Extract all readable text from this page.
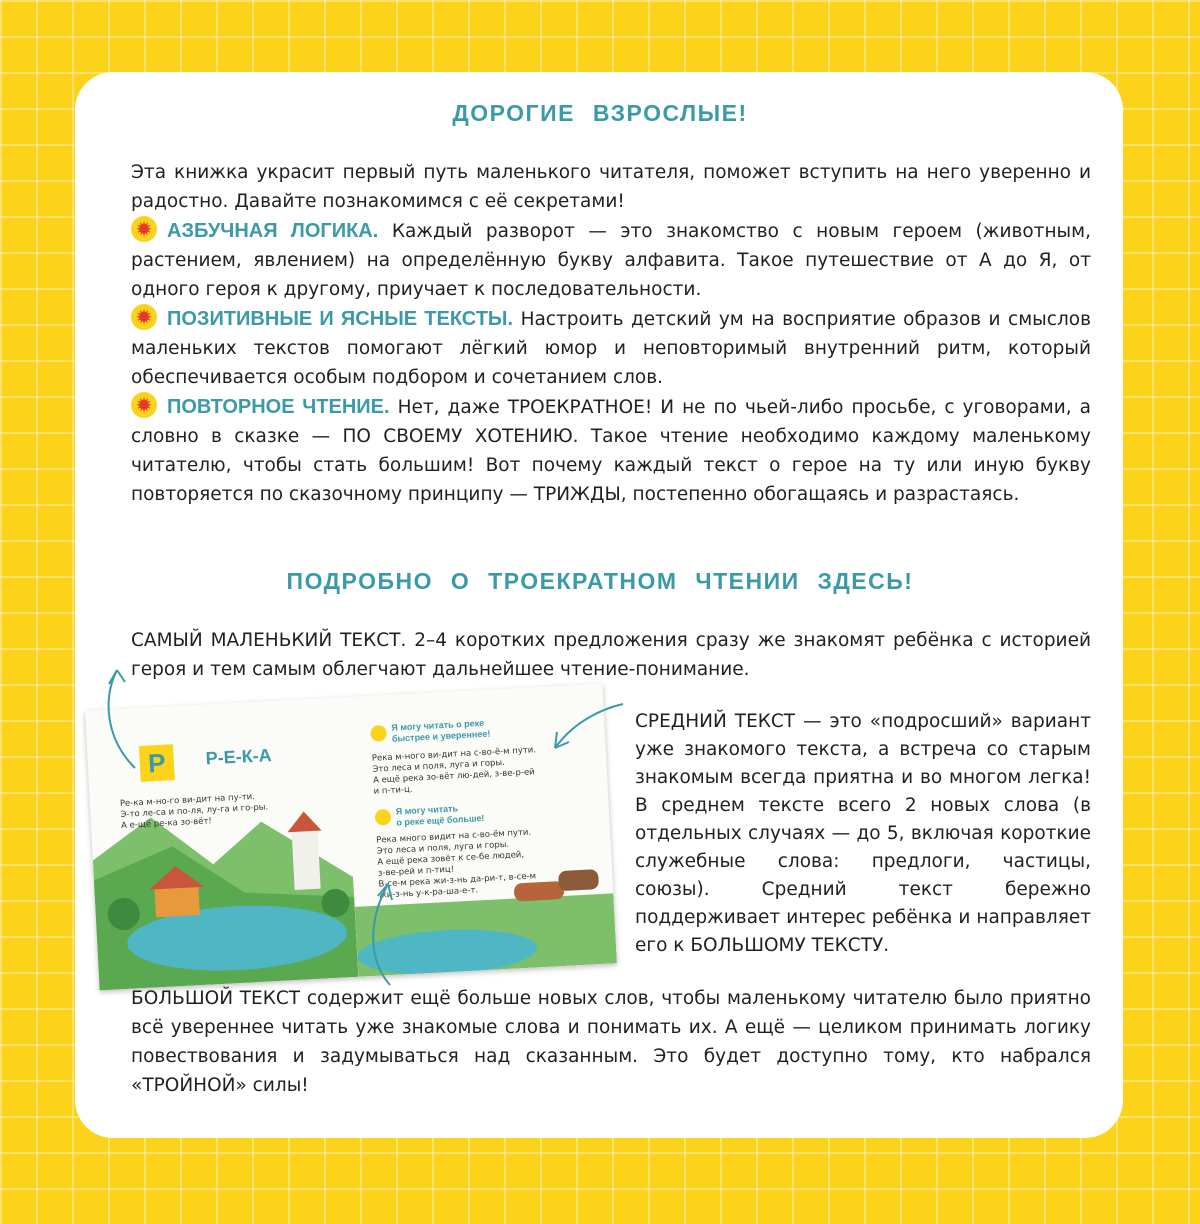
ДОРОГИЕ ВЗРОСЛЫЕ!

Эта книжка украсит первый путь маленького читателя, поможет вступить на него уверенно и радостно. Давайте познакомимся с её секретами!

✹АЗБУЧНАЯ ЛОГИКА. Каждый разворот — это знакомство с новым героем (животным, растением, явлением) на определённую букву алфавита. Такое путешествие от А до Я, от одного героя к другому, приучает к последовательности.

✹ПОЗИТИВНЫЕ И ЯСНЫЕ ТЕКСТЫ. Настроить детский ум на восприятие образов и смыслов маленьких текстов помогают лёгкий юмор и неповторимый внутренний ритм, который обеспечивается особым подбором и сочетанием слов.

✹ПОВТОРНОЕ ЧТЕНИЕ. Нет, даже ТРОЕКРАТНОЕ! И не по чьей-либо просьбе, с уговорами, а словно в сказке — ПО СВОЕМУ ХОТЕНИЮ. Такое чтение необходимо каждому маленькому читателю, чтобы стать большим! Вот почему каждый текст о герое на ту или иную букву повторяется по сказочному принципу — ТРИЖДЫ, постепенно обогащаясь и разрастаясь.

ПОДРОБНО О ТРОЕКРАТНОМ ЧТЕНИИ ЗДЕСЬ!
САМЫЙ МАЛЕНЬКИЙ ТЕКСТ. 2–4 коротких предложения сразу же знакомят ребёнка с историей героя и тем самым облегчают дальнейшее чтение-понимание.
Р	Р-Е-К-А
Ре-ка м-но-го ви-дит на пу-ти.
Э-то ле-са и по-ля, лу-га и го-ры.
А е-щё ре-ка зо-вёт!
Я могу читать о реке
быстрее и увереннее!
Река м-ного ви-дит на с-во-ё-м пути.
Это леса и поля, луга и горы.
А ещё река зо-вёт лю-дей, з-ве-р-ей
и п-ти-ц.
Я могу читать
о реке ещё больше!
Река много видит на с-во-ём пути.
Это леса и поля, луга и горы.
А ещё река зовёт к се-бе людей,
з-ве-рей и п-тиц!
В-се-м река жи-з-нь да-ри-т, в-се-м
жи-з-нь у-к-ра-ша-е-т.
СРЕДНИЙ ТЕКСТ — это «подросший» вариант уже знакомого текста, а встреча со старым знакомым всегда приятна и во многом легка! В среднем тексте всего 2 новых слова (в отдельных случаях — до 5, включая короткие служебные слова: предлоги, частицы, союзы). Средний текст бережно поддерживает интерес ребёнка и направляет его к БОЛЬШОМУ ТЕКСТУ.
БОЛЬШОЙ ТЕКСТ содержит ещё больше новых слов, чтобы маленькому читателю было приятно всё увереннее читать уже знакомые слова и понимать их. А ещё — целиком принимать логику повествования и задумываться над сказанным. Это будет доступно тому, кто набрался «ТРОЙНОЙ» силы!
